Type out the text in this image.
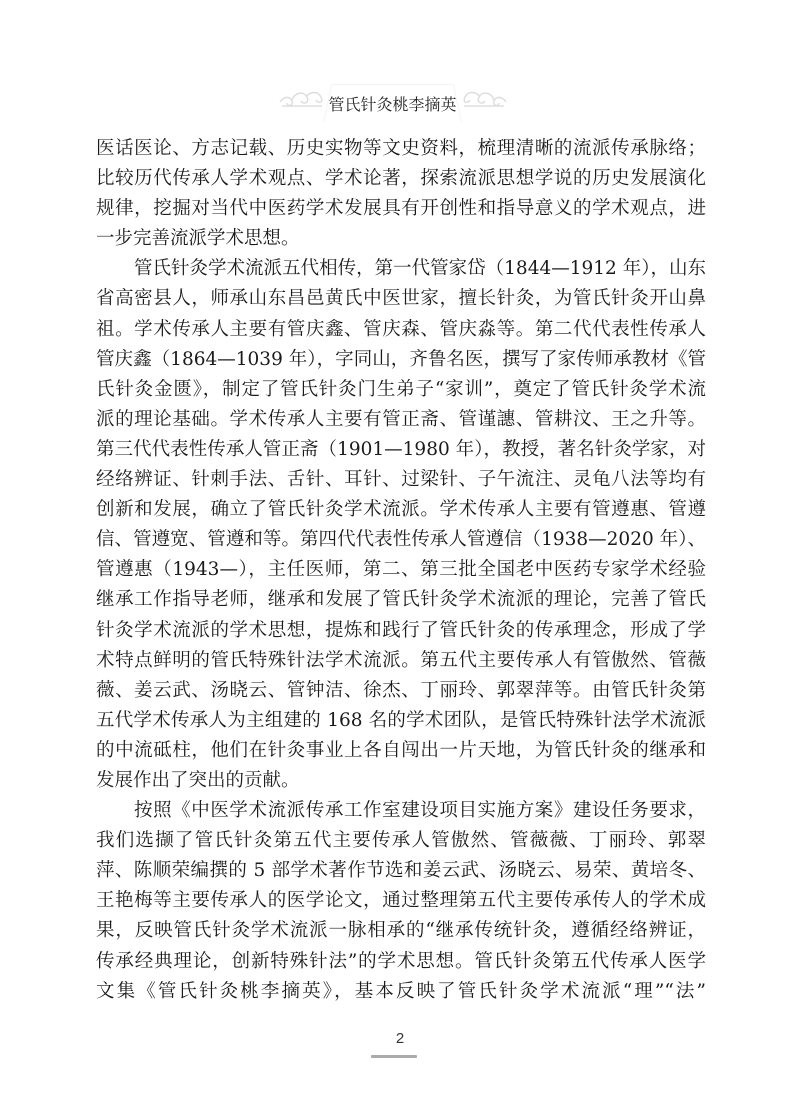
管氏针灸桃李摘英
医话医论、方志记载、历史实物等文史资料，梳理清晰的流派传承脉络；
比较历代传承人学术观点、学术论著，探索流派思想学说的历史发展演化
规律，挖掘对当代中医药学术发展具有开创性和指导意义的学术观点，进
一步完善流派学术思想。
管氏针灸学术流派五代相传，第一代管家岱（1844—1912 年），山东
省高密县人，师承山东昌邑黄氏中医世家，擅长针灸，为管氏针灸开山鼻
祖。学术传承人主要有管庆鑫、管庆森、管庆淼等。第二代代表性传承人
管庆鑫（1864—1039 年），字同山，齐鲁名医，撰写了家传师承教材《管
氏针灸金匮》，制定了管氏针灸门生弟子“家训”，奠定了管氏针灸学术流
派的理论基础。学术传承人主要有管正斋、管谨譓、管耕汶、王之升等。
第三代代表性传承人管正斋（1901—1980 年），教授，著名针灸学家，对
经络辨证、针刺手法、舌针、耳针、过梁针、子午流注、灵龟八法等均有
创新和发展，确立了管氏针灸学术流派。学术传承人主要有管遵惠、管遵
信、管遵宽、管遵和等。第四代代表性传承人管遵信（1938—2020 年）、
管遵惠（1943—），主任医师，第二、第三批全国老中医药专家学术经验
继承工作指导老师，继承和发展了管氏针灸学术流派的理论，完善了管氏
针灸学术流派的学术思想，提炼和践行了管氏针灸的传承理念，形成了学
术特点鲜明的管氏特殊针法学术流派。第五代主要传承人有管傲然、管薇
薇、姜云武、汤晓云、管钟洁、徐杰、丁丽玲、郭翠萍等。由管氏针灸第
五代学术传承人为主组建的 168 名的学术团队，是管氏特殊针法学术流派
的中流砥柱，他们在针灸事业上各自闯出一片天地，为管氏针灸的继承和
发展作出了突出的贡献。
按照《中医学术流派传承工作室建设项目实施方案》建设任务要求，
我们选撷了管氏针灸第五代主要传承人管傲然、管薇薇、丁丽玲、郭翠
萍、陈顺荣编撰的 5 部学术著作节选和姜云武、汤晓云、易荣、黄培冬、
王艳梅等主要传承人的医学论文，通过整理第五代主要传承传人的学术成
果，反映管氏针灸学术流派一脉相承的“继承传统针灸，遵循经络辨证，
传承经典理论，创新特殊针法”的学术思想。管氏针灸第五代传承人医学
文集《管氏针灸桃李摘英》，基本反映了管氏针灸学术流派“理”“法”
2
